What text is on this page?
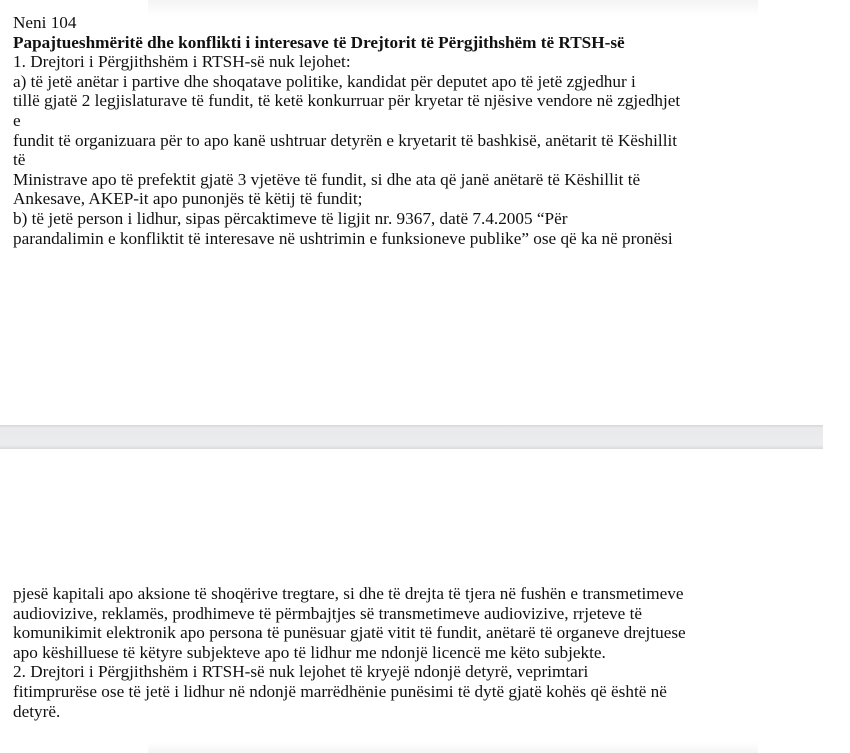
Neni 104
Papajtueshmëritë dhe konflikti i interesave të Drejtorit të Përgjithshëm të RTSH-së
1. Drejtori i Përgjithshëm i RTSH-së nuk lejohet:
a) të jetë anëtar i partive dhe shoqatave politike, kandidat për deputet apo të jetë zgjedhur i
tillë gjatë 2 legjislaturave të fundit, të ketë konkurruar për kryetar të njësive vendore në zgjedhjet
e
fundit të organizuara për to apo kanë ushtruar detyrën e kryetarit të bashkisë, anëtarit të Këshillit
të
Ministrave apo të prefektit gjatë 3 vjetëve të fundit, si dhe ata që janë anëtarë të Këshillit të
Ankesave, AKEP-it apo punonjës të këtij të fundit;
b) të jetë person i lidhur, sipas përcaktimeve të ligjit nr. 9367, datë 7.4.2005 “Për
parandalimin e konfliktit të interesave në ushtrimin e funksioneve publike” ose që ka në pronësi
pjesë kapitali apo aksione të shoqërive tregtare, si dhe të drejta të tjera në fushën e transmetimeve
audiovizive, reklamës, prodhimeve të përmbajtjes së transmetimeve audiovizive, rrjeteve të
komunikimit elektronik apo persona të punësuar gjatë vitit të fundit, anëtarë të organeve drejtuese
apo këshilluese të këtyre subjekteve apo të lidhur me ndonjë licencë me këto subjekte.
2. Drejtori i Përgjithshëm i RTSH-së nuk lejohet të kryejë ndonjë detyrë, veprimtari
fitimprurëse ose të jetë i lidhur në ndonjë marrëdhënie punësimi të dytë gjatë kohës që është në
detyrë.
